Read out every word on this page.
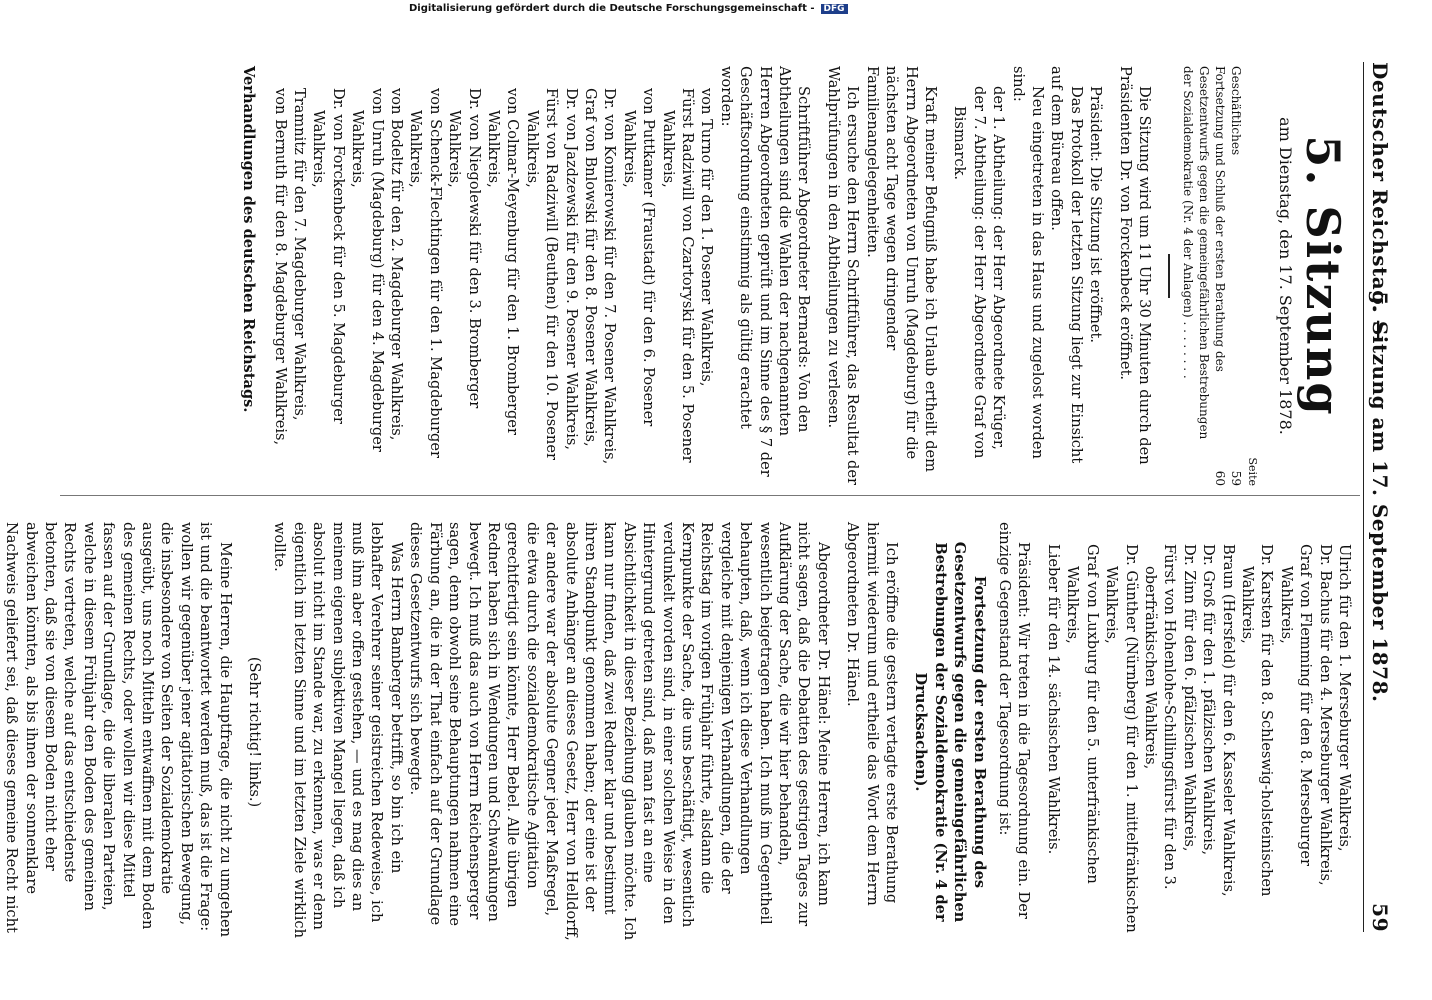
Deutscher Reichstag. —
5. Sitzung am 17. September 1878.
59
5. Sitzung
am Dienstag, den 17. September 1878.
Seite

Geschäftliches
59
Fortsetzung und Schluß der ersten Berathung des Gesetzentwurfs gegen die gemeingefährlichen Bestrebungen der Sozialdemokratie (Nr. 4 der Anlagen) . . . . . . . .
60

Die Sitzung wird um 11 Uhr 30 Minuten durch den Präsidenten Dr. von Forckenbeck eröffnet.

Präsident: Die Sitzung ist eröffnet.

Das Protokoll der letzten Sitzung liegt zur Einsicht auf dem Büreau offen.

Neu eingetreten in das Haus und zugelost worden sind:

der 1. Abtheilung: der Herr Abgeordnete Krüger,

der 7. Abtheilung: der Herr Abgeordnete Graf von Bismarck.

Kraft meiner Befugniß habe ich Urlaub ertheilt dem Herrn Abgeordneten von Unruh (Magdeburg) für die nächsten acht Tage wegen dringender Familienangelegenheiten.

Ich ersuche den Herrn Schriftführer, das Resultat der Wahlprüfungen in den Abtheilungen zu verlesen.

Schriftführer Abgeordneter Bernards: Von den Abtheilungen sind die Wahlen der nachgenannten Herren Abgeordneten geprüft und im Sinne des § 7 der Geschäftsordnung einstimmig als gültig erachtet worden:

von Turno für den 1. Posener Wahlkreis,

Fürst Radziwill von Czartoryski für den 5. Posener Wahlkreis,

von Puttkamer (Fraustadt) für den 6. Posener Wahlkreis,

Dr. von Komierowski für den 7. Posener Wahlkreis,

Graf von Bnlowski für den 8. Posener Wahlkreis,

Dr. von Jazdzewski für den 9. Posener Wahlkreis,

Fürst von Radziwill (Beuthen) für den 10. Posener Wahlkreis,

von Colmar-Meyenburg für den 1. Bromberger Wahlkreis,

Dr. von Niegolewski für den 3. Bromberger Wahlkreis,

von Schenck-Flechtingen für den 1. Magdeburger Wahlkreis,

von Bodeltz für den 2. Magdeburger Wahlkreis,

von Unruh (Magdeburg) für den 4. Magdeburger Wahlkreis,

Dr. von Forckenbeck für den 5. Magdeburger Wahlkreis,

Tramnitz für den 7. Magdeburger Wahlkreis,

von Bernuth für den 8. Magdeburger Wahlkreis,

Verhandlungen des deutschen Reichstags.

Ulrich für den 1. Merseburger Wahlkreis,

Dr. Bachus für den 4. Merseburger Wahlkreis,

Graf von Flemming für den 8. Merseburger Wahlkreis,

Dr. Karsten für den 8. Schleswig-holsteinischen Wahlkreis,

Braun (Hersfeld) für den 6. Kasseler Wahlkreis,

Dr. Groß für den 1. pfälzischen Wahlkreis,

Dr. Zinn für den 6. pfälzischen Wahlkreis,

Fürst von Hohenlohe-Schillingsfürst für den 3. oberfränkischen Wahlkreis,

Dr. Günther (Nürnberg) für den 1. mittelfränkischen Wahlkreis,

Graf von Luxburg für den 5. unterfränkischen Wahlkreis,

Lieber für den 14. sächsischen Wahlkreis.

Präsident: Wir treten in die Tagesordnung ein. Der einzige Gegenstand der Tagesordnung ist:

Fortsetzung der ersten Berathung des Gesetzentwurfs gegen die gemeingefährlichen Bestrebungen der Sozialdemokratie (Nr. 4 der Drucksachen).

Ich eröffne die gestern vertagte erste Berathung hiermit wiederum und ertheile das Wort dem Herrn Abgeordneten Dr. Hänel.

Abgeordneter Dr. Hänel: Meine Herren, ich kann nicht sagen, daß die Debatten des gestrigen Tages zur Aufklärung der Sache, die wir hier behandeln, wesentlich beigetragen haben. Ich muß im Gegentheil behaupten, daß, wenn ich diese Verhandlungen vergleiche mit denjenigen Verhandlungen, die der Reichstag im vorigen Frühjahr führte, alsdann die Kernpunkte der Sache, die uns beschäftigt, wesentlich verdunkelt worden sind, in einer solchen Weise in den Hintergrund getreten sind, daß man fast an eine Absichtlichkeit in dieser Beziehung glauben möchte. Ich kann nur finden, daß zwei Redner klar und bestimmt ihren Standpunkt genommen haben; der eine ist der absolute Anhänger an dieses Gesetz, Herr von Helldorff, der andere war der absolute Gegner jeder Maßregel, die etwa durch die sozialdemokratische Agitation gerechtfertigt sein könnte, Herr Bebel. Alle übrigen Redner haben sich in Wendungen und Schwankungen bewegt. Ich muß das auch von Herrn Reichensperger sagen, denn obwohl seine Behauptungen nahmen eine Färbung an, die in der That einfach auf der Grundlage dieses Gesetzentwurfs sich bewegte.

Was Herrn Bamberger betrifft, so bin ich ein lebhafter Verehrer seiner geistreichen Redeweise, ich muß ihm aber offen gestehen, — und es mag dies an meinem eigenen subjektiven Mangel liegen, daß ich absolut nicht im Stande war, zu erkennen, was er denn eigentlich im letzten Sinne und im letzten Ziele wirklich wollte.

(Sehr richtig! links.)

Meine Herren, die Hauptfrage, die nicht zu umgehen ist und die beantwortet werden muß, das ist die Frage: wollen wir gegenüber jener agitatorischen Bewegung, die insbesondere von Seiten der Sozialdemokratie ausgeübt, uns noch Mitteln entwaffnen mit dem Boden des gemeinen Rechts, oder wollen wir diese Mittel fassen auf der Grundlage, die die liberalen Parteien, welche in diesem Frühjahr den Boden des gemeinen Rechts vertreten, welche auf das entschiedenste betonten, daß sie von diesem Boden nicht eher abweichen könnten, als bis ihnen der sonnenklare Nachweis geliefert sei, daß dieses gemeine Recht nicht

Digitalisierung gefördert durch die Deutsche Forschungsgemeinschaft - DFG
